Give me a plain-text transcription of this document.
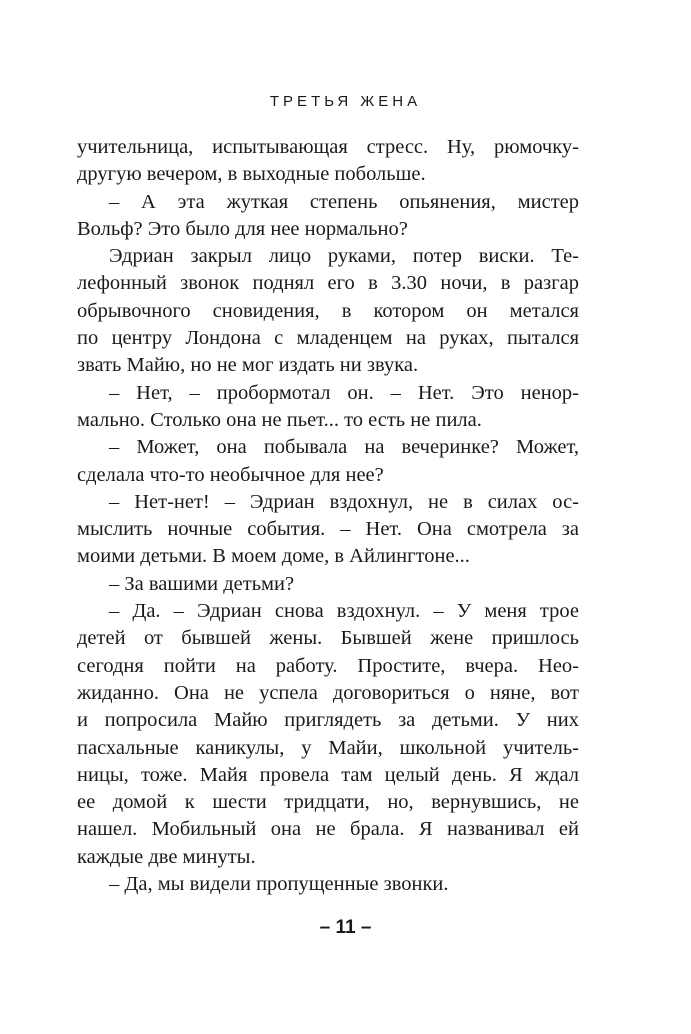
ТРЕТЬЯ ЖЕНА
учительница, испытывающая стресс. Ну, рюмочку-
другую вечером, в выходные побольше.
– А эта жуткая степень опьянения, мистер
Вольф? Это было для нее нормально?
Эдриан закрыл лицо руками, потер виски. Те-
лефонный звонок поднял его в 3.30 ночи, в разгар
обрывочного сновидения, в котором он метался
по центру Лондона с младенцем на руках, пытался
звать Майю, но не мог издать ни звука.
– Нет, – пробормотал он. – Нет. Это ненор-
мально. Столько она не пьет... то есть не пила.
– Может, она побывала на вечеринке? Может,
сделала что-то необычное для нее?
– Нет-нет! – Эдриан вздохнул, не в силах ос-
мыслить ночные события. – Нет. Она смотрела за
моими детьми. В моем доме, в Айлингтоне...
– За вашими детьми?
– Да. – Эдриан снова вздохнул. – У меня трое
детей от бывшей жены. Бывшей жене пришлось
сегодня пойти на работу. Простите, вчера. Нео-
жиданно. Она не успела договориться о няне, вот
и попросила Майю приглядеть за детьми. У них
пасхальные каникулы, у Майи, школьной учитель-
ницы, тоже. Майя провела там целый день. Я ждал
ее домой к шести тридцати, но, вернувшись, не
нашел. Мобильный она не брала. Я названивал ей
каждые две минуты.
– Да, мы видели пропущенные звонки.
– 11 –
